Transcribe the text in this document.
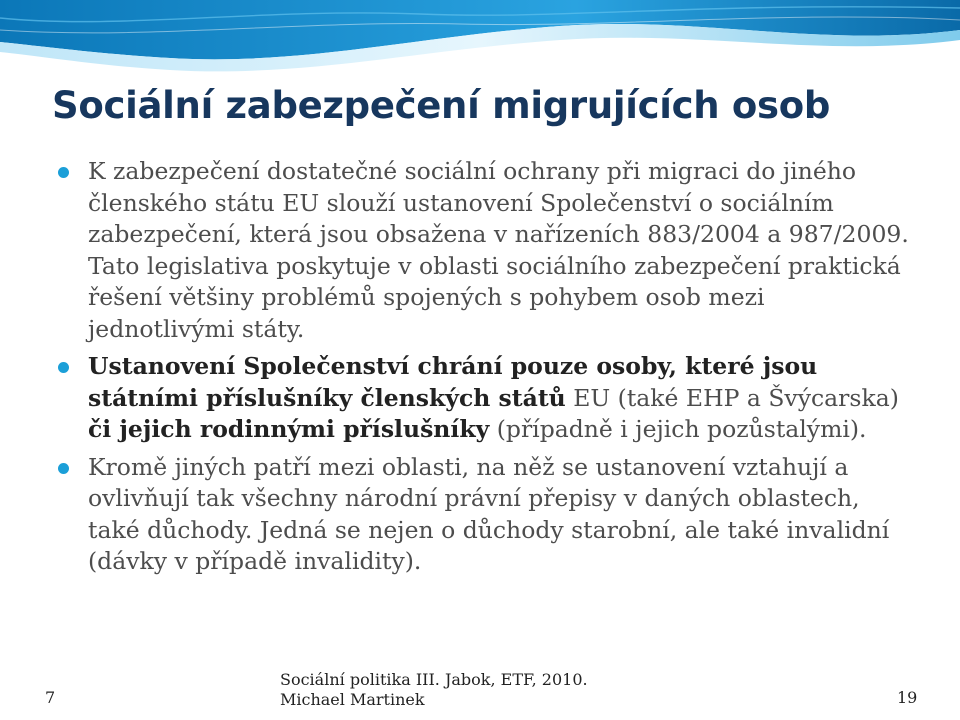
Sociální zabezpečení migrujících osob
K zabezpečení dostatečné sociální ochrany při migraci do jiného členského státu EU slouží ustanovení Společenství o sociálním zabezpečení, která jsou obsažena v nařízeních 883/2004 a 987/2009. Tato legislativa poskytuje v oblasti sociálního zabezpečení praktická řešení většiny problémů spojených s pohybem osob mezi jednotlivými státy.
Ustanovení Společenství chrání pouze osoby, které jsou státními příslušníky členských států EU (také EHP a Švýcarska) či jejich rodinnými příslušníky (případně i jejich pozůstalými).
Kromě jiných patří mezi oblasti, na něž se ustanovení vztahují a ovlivňují tak všechny národní právní přepisy v daných oblastech, také důchody. Jedná se nejen o důchody starobní, ale také invalidní (dávky v případě invalidity).
7
Sociální politika III. Jabok, ETF, 2010.
Michael Martinek	19
